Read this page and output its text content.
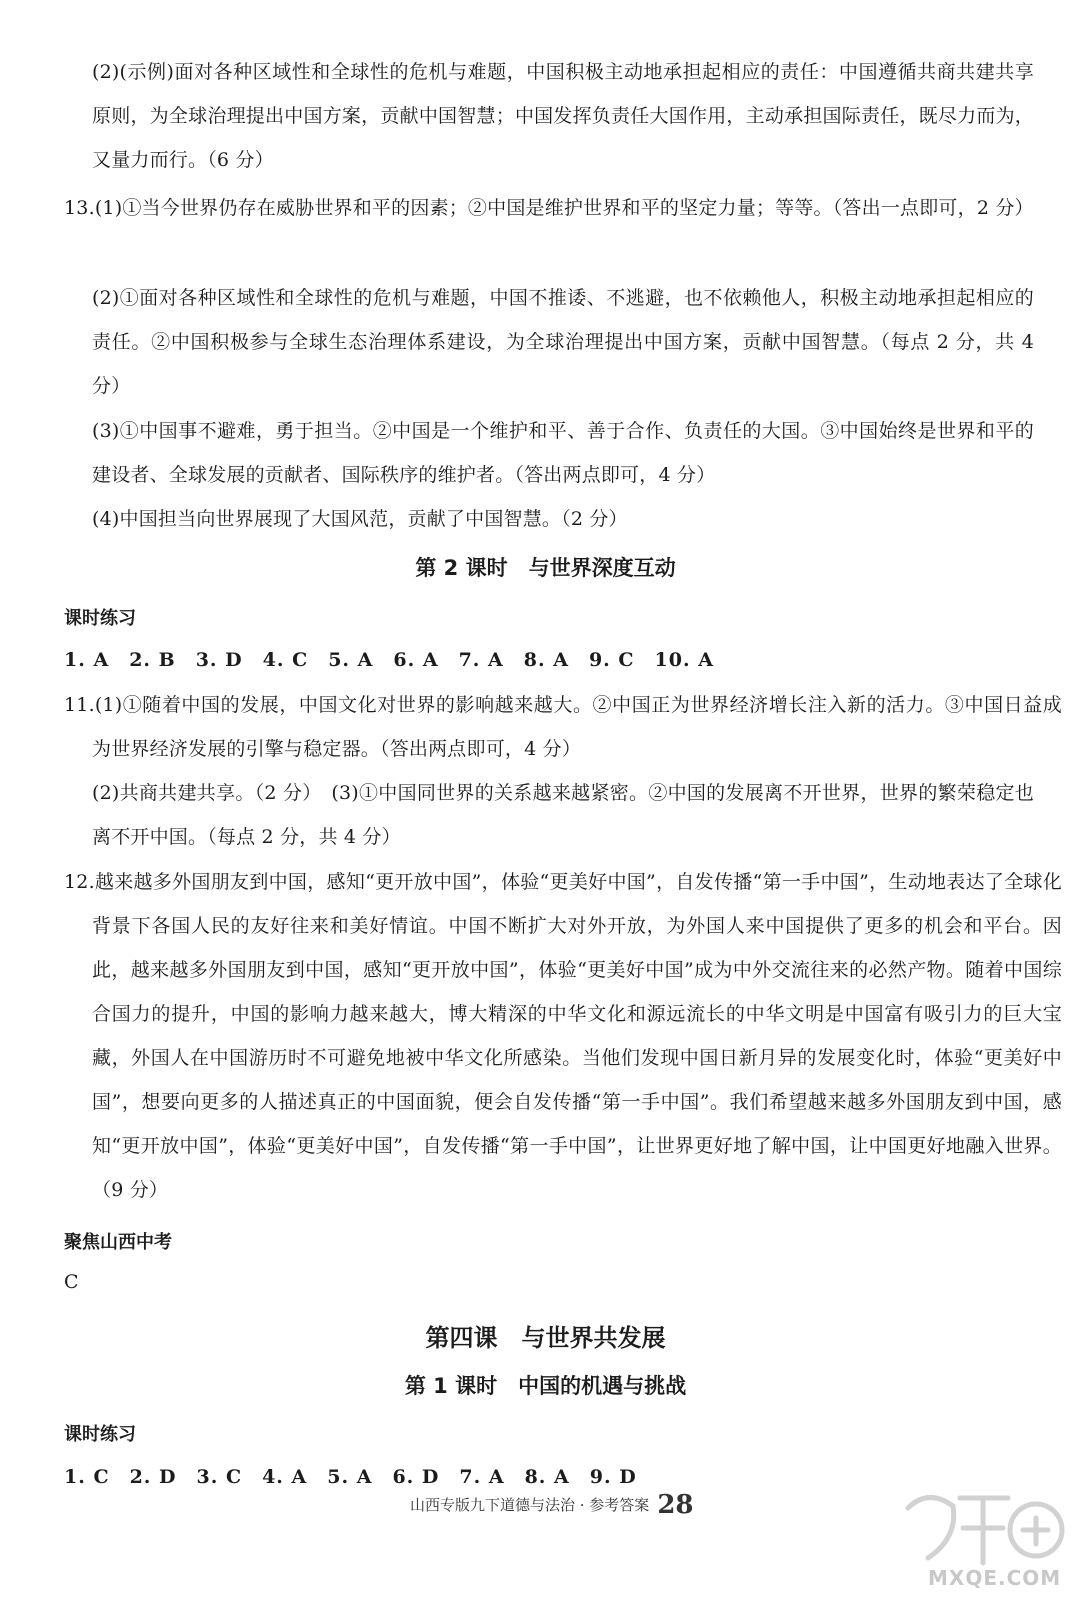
(2)(示例)面对各种区域性和全球性的危机与难题，中国积极主动地承担起相应的责任：中国遵循共商共建共享原则，为全球治理提出中国方案，贡献中国智慧；中国发挥负责任大国作用，主动承担国际责任，既尽力而为，又量力而行。（6 分）

13.(1)①当今世界仍存在威胁世界和平的因素；②中国是维护世界和平的坚定力量；等等。（答出一点即可，2 分）

(2)①面对各种区域性和全球性的危机与难题，中国不推诿、不逃避，也不依赖他人，积极主动地承担起相应的责任。②中国积极参与全球生态治理体系建设，为全球治理提出中国方案，贡献中国智慧。（每点 2 分，共 4 分）

(3)①中国事不避难，勇于担当。②中国是一个维护和平、善于合作、负责任的大国。③中国始终是世界和平的建设者、全球发展的贡献者、国际秩序的维护者。（答出两点即可，4 分）

(4)中国担当向世界展现了大国风范，贡献了中国智慧。（2 分）

第 2 课时　与世界深度互动

课时练习

1. A　2. B　3. D　4. C　5. A　6. A　7. A　8. A　9. C　10. A

11.(1)①随着中国的发展，中国文化对世界的影响越来越大。②中国正为世界经济增长注入新的活力。③中国日益成为世界经济发展的引擎与稳定器。（答出两点即可，4 分）

(2)共商共建共享。（2 分）　(3)①中国同世界的关系越来越紧密。②中国的发展离不开世界，世界的繁荣稳定也离不开中国。（每点 2 分，共 4 分）

12.越来越多外国朋友到中国，感知“更开放中国”，体验“更美好中国”，自发传播“第一手中国”，生动地表达了全球化背景下各国人民的友好往来和美好情谊。中国不断扩大对外开放，为外国人来中国提供了更多的机会和平台。因此，越来越多外国朋友到中国，感知“更开放中国”，体验“更美好中国”成为中外交流往来的必然产物。随着中国综合国力的提升，中国的影响力越来越大，博大精深的中华文化和源远流长的中华文明是中国富有吸引力的巨大宝藏，外国人在中国游历时不可避免地被中华文化所感染。当他们发现中国日新月异的发展变化时，体验“更美好中国”，想要向更多的人描述真正的中国面貌，便会自发传播“第一手中国”。我们希望越来越多外国朋友到中国，感知“更开放中国”，体验“更美好中国”，自发传播“第一手中国”，让世界更好地了解中国，让中国更好地融入世界。（9 分）

聚焦山西中考

C

第四课　与世界共发展
第 1 课时　中国的机遇与挑战

课时练习

1. C　2. D　3. C　4. A　5. A　6. D　7. A　8. A　9. D

山西专版九下道德与法治 · 参考答案 28

MXQE.COM
